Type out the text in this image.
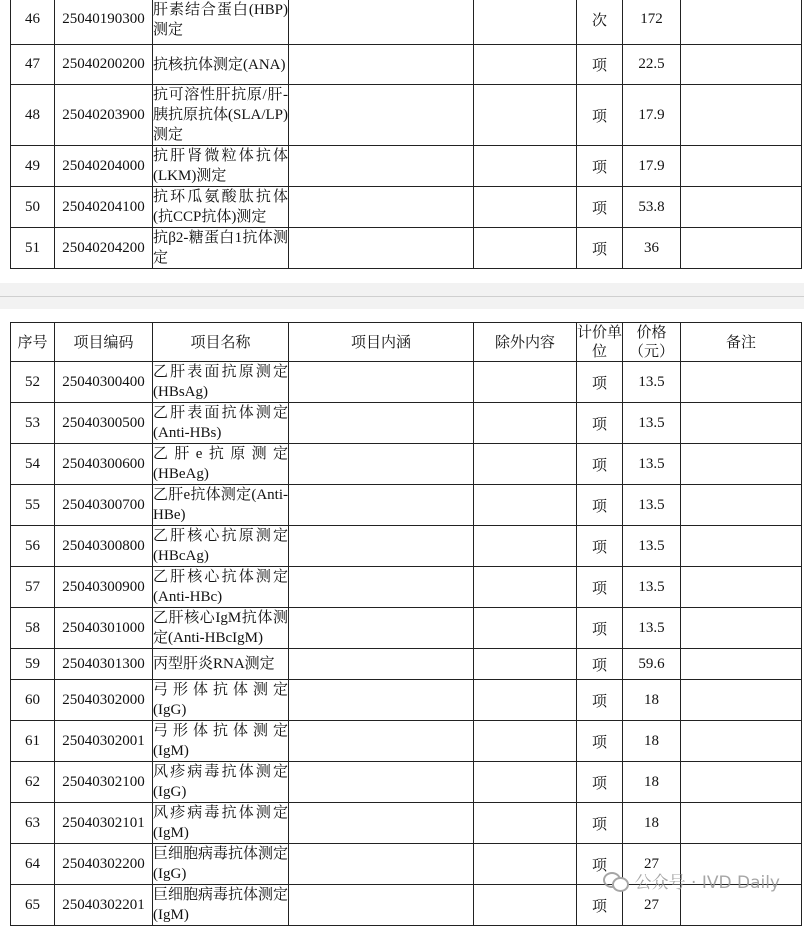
46	25040190300	肝素结合蛋白(HBP)测定			次	172	
47	25040200200	抗核抗体测定(ANA)			项	22.5	
48	25040203900	抗可溶性肝抗原/肝-胰抗原抗体(SLA/LP)测定			项	17.9	
49	25040204000	抗肝肾微粒体抗体(LKM)测定			项	17.9	
50	25040204100	抗环瓜氨酸肽抗体(抗CCP抗体)测定			项	53.8	
51	25040204200	抗β2-糖蛋白1抗体测定			项	36	
序号	项目编码	项目名称	项目内涵	除外内容	计价单位	价格（元）	备注
52	25040300400	乙肝表面抗原测定(HBsAg)			项	13.5	
53	25040300500	乙肝表面抗体测定(Anti-HBs)			项	13.5	
54	25040300600	乙肝e抗原测定(HBeAg)			项	13.5	
55	25040300700	乙肝e抗体测定(Anti-HBe)			项	13.5	
56	25040300800	乙肝核心抗原测定(HBcAg)			项	13.5	
57	25040300900	乙肝核心抗体测定(Anti-HBc)			项	13.5	
58	25040301000	乙肝核心IgM抗体测定(Anti-HBcIgM)			项	13.5	
59	25040301300	丙型肝炎RNA测定			项	59.6	
60	25040302000	弓形体抗体测定(IgG)			项	18	
61	25040302001	弓形体抗体测定(IgM)			项	18	
62	25040302100	风疹病毒抗体测定(IgG)			项	18	
63	25040302101	风疹病毒抗体测定(IgM)			项	18	
64	25040302200	巨细胞病毒抗体测定(IgG)			项	27	
65	25040302201	巨细胞病毒抗体测定(IgM)			项	27	
公众号 · IVD Daily
